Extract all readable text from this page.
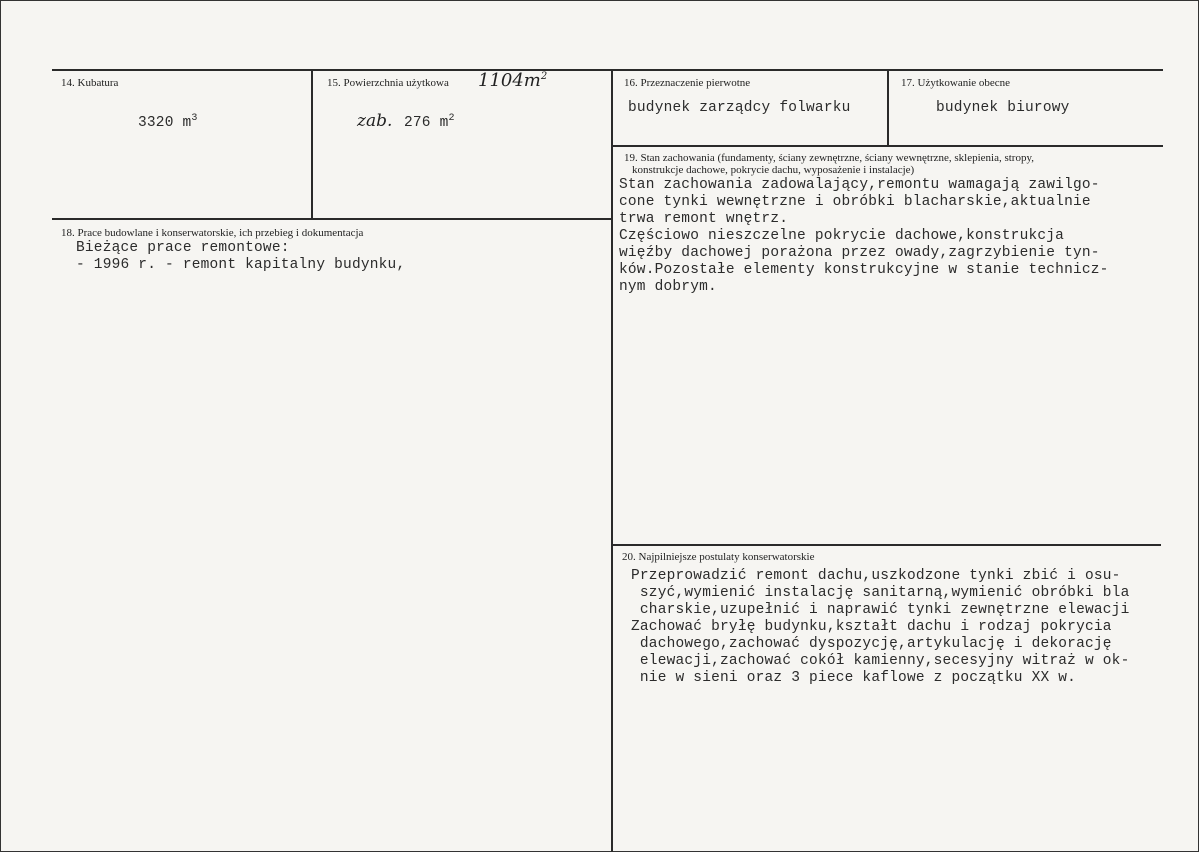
14. Kubatura
3320 $m^3$
15. Powierzchnia użytkowa $1104m^2$
zab. 276 $m^2$
16. Przeznaczenie pierwotne
budynek zarządcy folwarku
17. Użytkowanie obecne
budynek biurowy
19. Stan zachowania (fundamenty, ściany zewnętrzne, ściany wewnętrzne, sklepienia, stropy,
konstrukcje dachowe, pokrycie dachu, wyposażenie i instalacje)
Stan zachowania zadowalający,remontu wamagają zawilgo-
cone tynki wewnętrzne i obróbki blacharskie,aktualnie
trwa remont wnętrz.
Częściowo nieszczelne pokrycie dachowe,konstrukcja
więźby dachowej porażona przez owady,zagrzybienie tyn-
ków.Pozostałe elementy konstrukcyjne w stanie technicz-
nym dobrym.
18. Prace budowlane i konserwatorskie, ich przebieg i dokumentacja
Bieżące prace remontowe:
- 1996 r. - remont kapitalny budynku,
20. Najpilniejsze postulaty konserwatorskie
Przeprowadzić remont dachu,uszkodzone tynki zbić i osu-
szyć,wymienić instalację sanitarną,wymienić obróbki bla
charskie,uzupełnić i naprawić tynki zewnętrzne elewacji
Zachować bryłę budynku,kształt dachu i rodzaj pokrycia
dachowego,zachować dyspozycję,artykulację i dekorację
elewacji,zachować cokół kamienny,secesyjny witraż w ok-
nie w sieni oraz 3 piece kaflowe z początku XX w.
